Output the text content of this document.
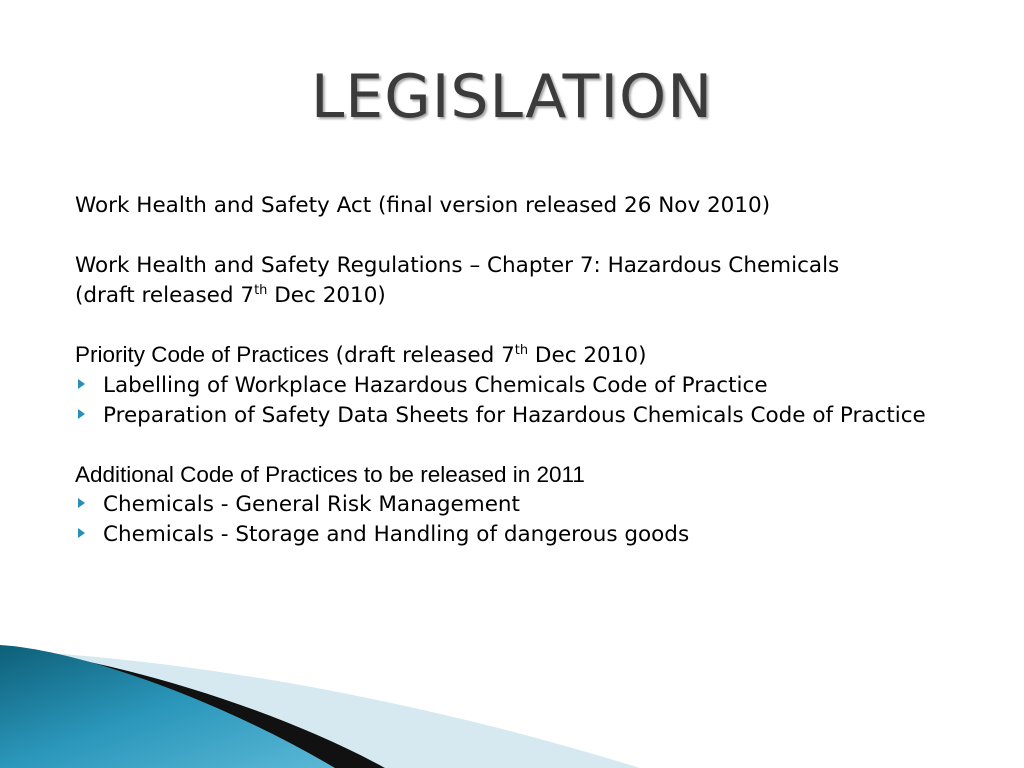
LEGISLATION

Work Health and Safety Act (final version released 26 Nov 2010)

Work Health and Safety Regulations – Chapter 7: Hazardous Chemicals

(draft released 7th Dec 2010)

Priority Code of Practices (draft released 7th Dec 2010)

Labelling of Workplace Hazardous Chemicals Code of Practice
Preparation of Safety Data Sheets for Hazardous Chemicals Code of Practice

Additional Code of Practices to be released in 2011

Chemicals - General Risk Management
Chemicals - Storage and Handling of dangerous goods
